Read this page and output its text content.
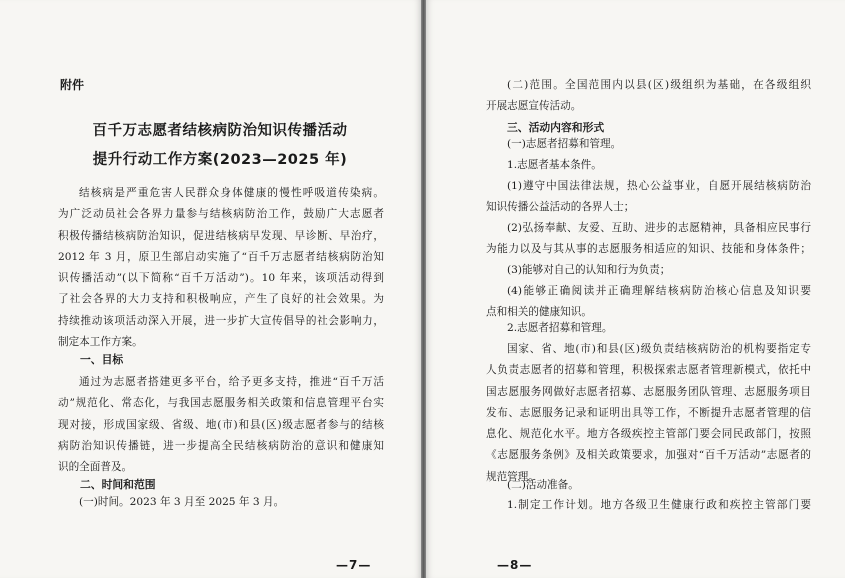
附件
百千万志愿者结核病防治知识传播活动
提升行动工作方案(2023—2025 年)
结核病是严重危害人民群众身体健康的慢性呼吸道传染病。
为广泛动员社会各界力量参与结核病防治工作，鼓励广大志愿者
积极传播结核病防治知识，促进结核病早发现、早诊断、早治疗，
2012 年 3 月，原卫生部启动实施了“百千万志愿者结核病防治知
识传播活动”(以下简称“百千万活动”)。10 年来，该项活动得到
了社会各界的大力支持和积极响应，产生了良好的社会效果。为
持续推动该项活动深入开展，进一步扩大宣传倡导的社会影响力，
制定本工作方案。
一、目标
通过为志愿者搭建更多平台，给予更多支持，推进“百千万活
动”规范化、常态化，与我国志愿服务相关政策和信息管理平台实
现对接，形成国家级、省级、地(市)和县(区)级志愿者参与的结核
病防治知识传播链，进一步提高全民结核病防治的意识和健康知
识的全面普及。
二、时间和范围
(一)时间。2023 年 3 月至 2025 年 3 月。
—7—
(二)范围。全国范围内以县(区)级组织为基础，在各级组织
开展志愿宣传活动。
三、活动内容和形式
(一)志愿者招募和管理。
1.志愿者基本条件。
(1)遵守中国法律法规，热心公益事业，自愿开展结核病防治
知识传播公益活动的各界人士；
(2)弘扬奉献、友爱、互助、进步的志愿精神，具备相应民事行
为能力以及与其从事的志愿服务相适应的知识、技能和身体条件；
(3)能够对自己的认知和行为负责；
(4)能够正确阅读并正确理解结核病防治核心信息及知识要
点和相关的健康知识。
2.志愿者招募和管理。
国家、省、地(市)和县(区)级负责结核病防治的机构要指定专
人负责志愿者的招募和管理，积极探索志愿者管理新模式，依托中
国志愿服务网做好志愿者招募、志愿服务团队管理、志愿服务项目
发布、志愿服务记录和证明出具等工作，不断提升志愿者管理的信
息化、规范化水平。地方各级疾控主管部门要会同民政部门，按照
《志愿服务条例》及相关政策要求，加强对“百千万活动”志愿者的
规范管理。
(二)活动准备。
1.制定工作计划。地方各级卫生健康行政和疾控主管部门要
—8—
